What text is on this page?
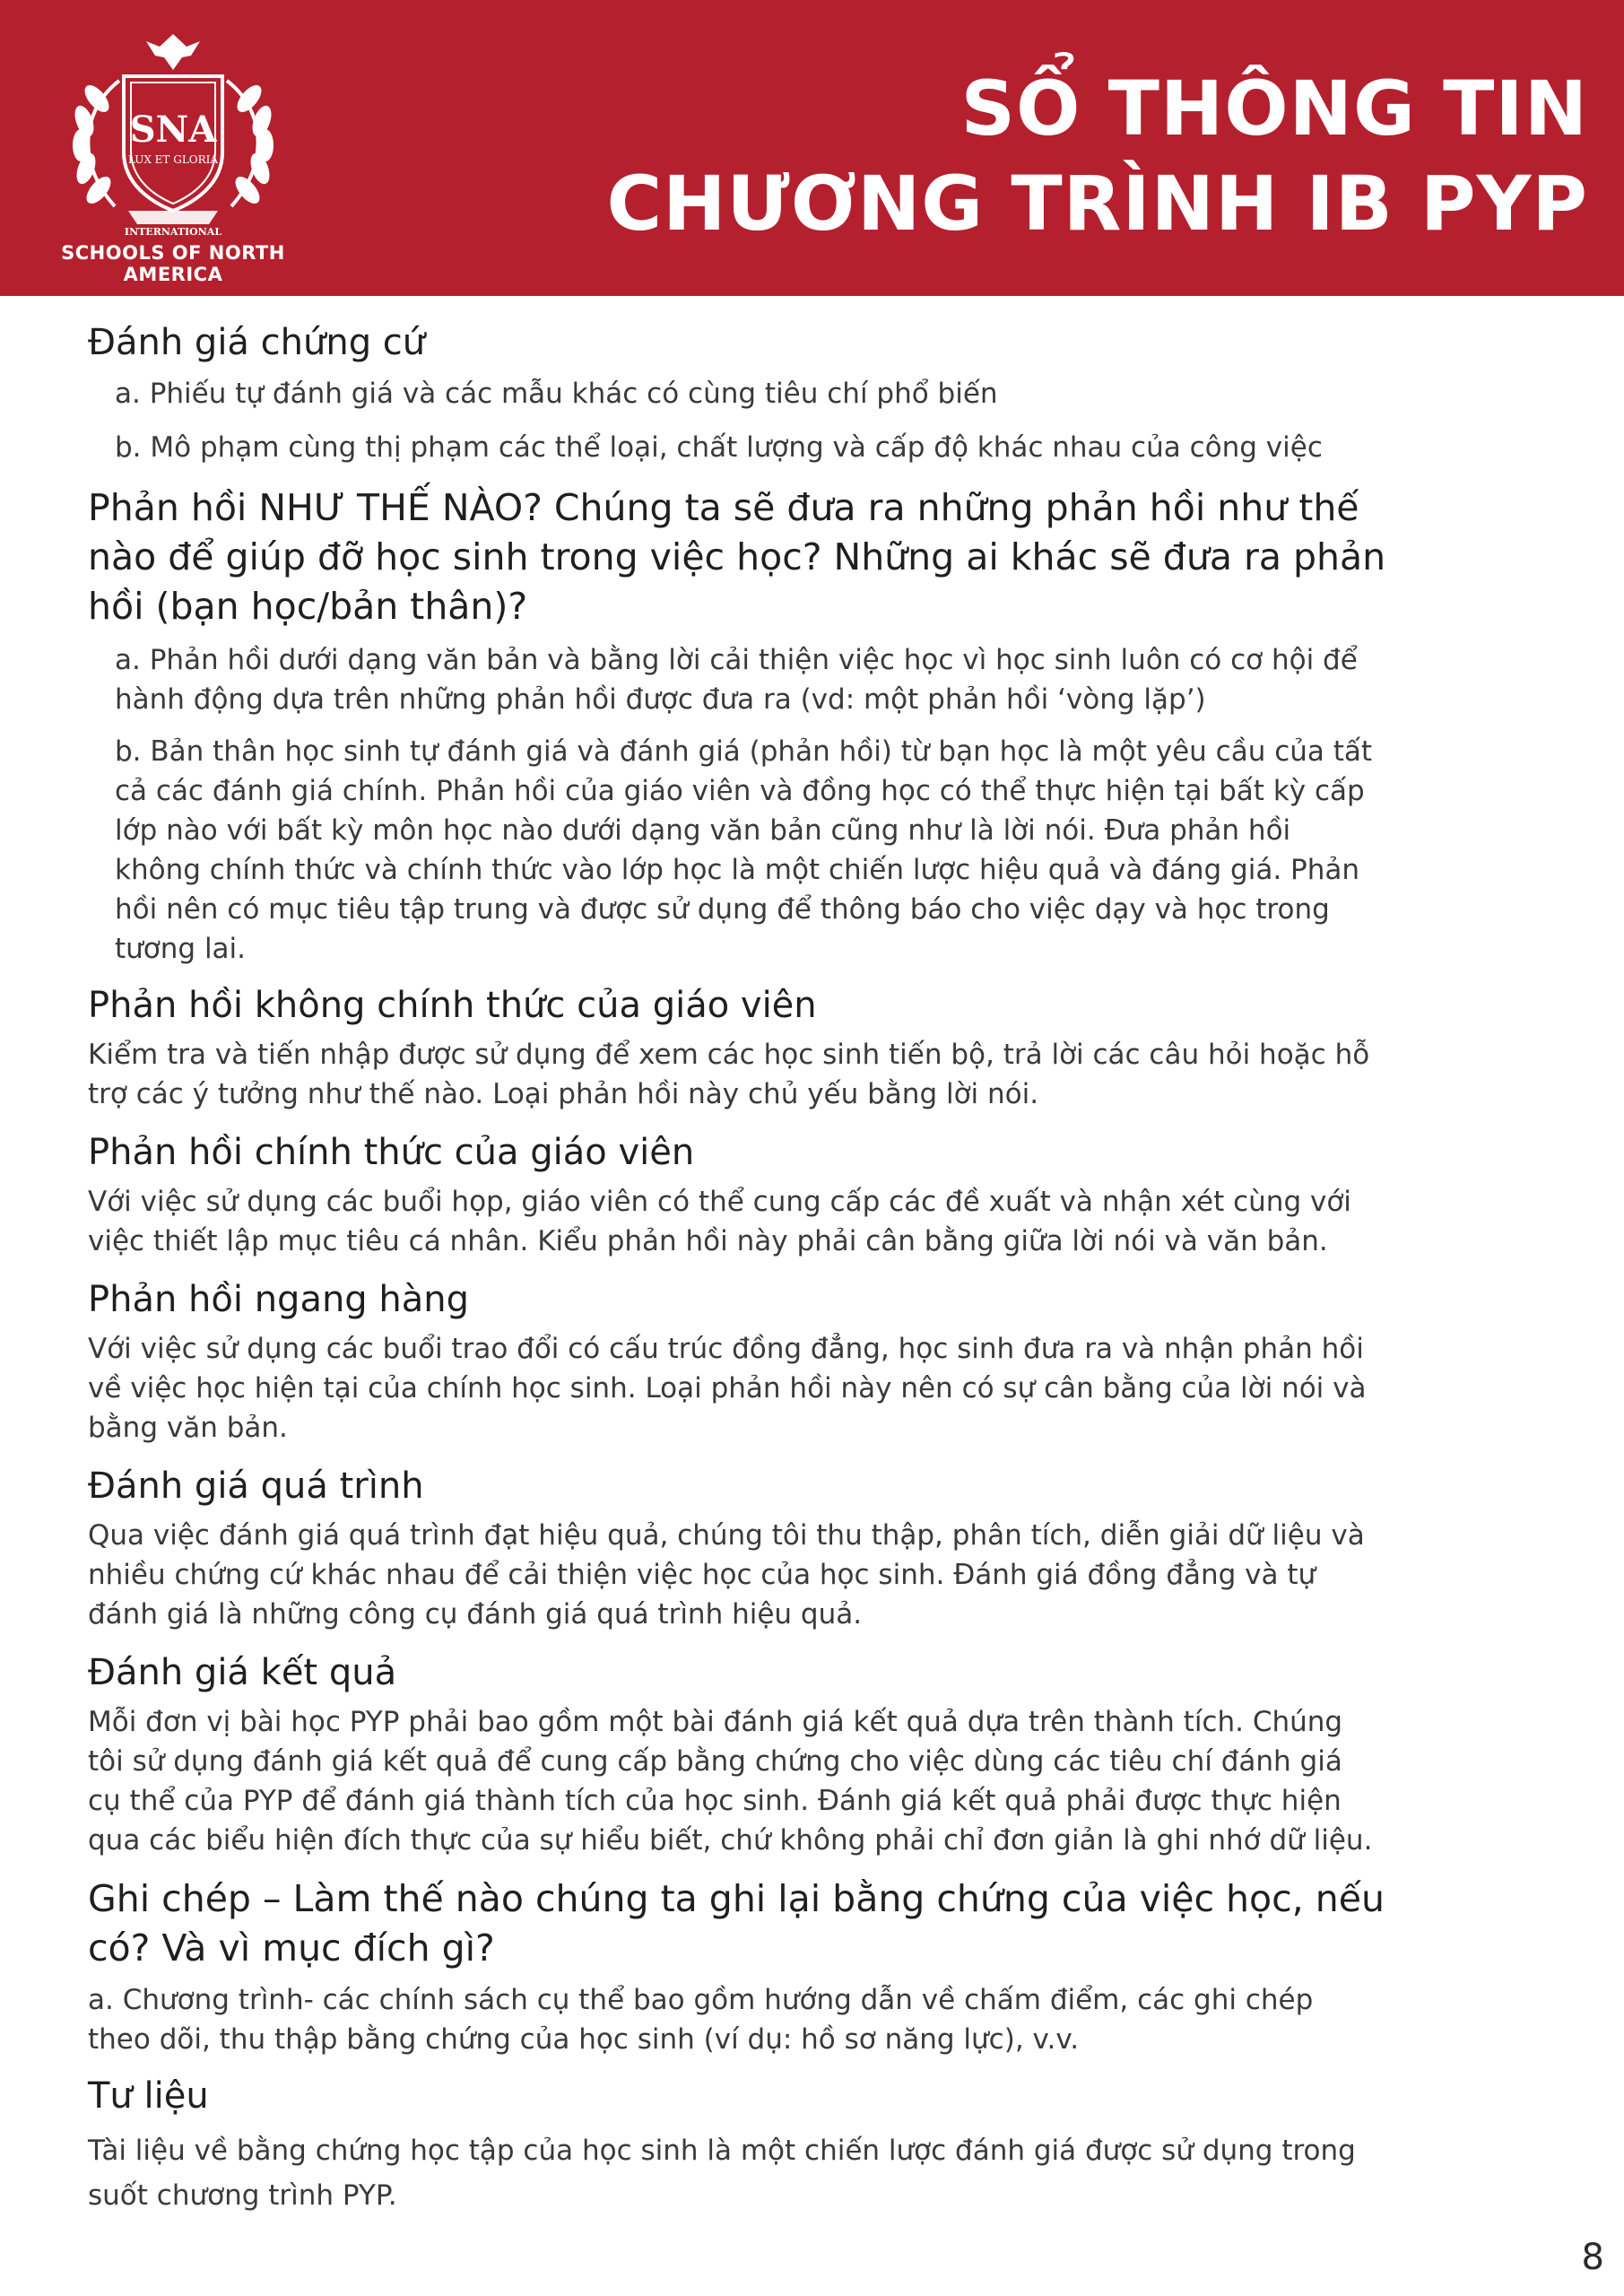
SNA
LUX ET GLORIA
INTERNATIONAL
SCHOOLS OF NORTH AMERICA
SỔ THÔNG TIN
CHƯƠNG TRÌNH IB PYP

Đánh giá chứng cứ

a. Phiếu tự đánh giá và các mẫu khác có cùng tiêu chí phổ biến

b. Mô phạm cùng thị phạm các thể loại, chất lượng và cấp độ khác nhau của công việc

Phản hồi NHƯ THẾ NÀO? Chúng ta sẽ đưa ra những phản hồi như thế

nào để giúp đỡ học sinh trong việc học? Những ai khác sẽ đưa ra phản

hồi (bạn học/bản thân)?

a. Phản hồi dưới dạng văn bản và bằng lời cải thiện việc học vì học sinh luôn có cơ hội để

hành động dựa trên những phản hồi được đưa ra (vd: một phản hồi ‘vòng lặp’)

b. Bản thân học sinh tự đánh giá và đánh giá (phản hồi) từ bạn học là một yêu cầu của tất

cả các đánh giá chính. Phản hồi của giáo viên và đồng học có thể thực hiện tại bất kỳ cấp

lớp nào với bất kỳ môn học nào dưới dạng văn bản cũng như là lời nói. Đưa phản hồi

không chính thức và chính thức vào lớp học là một chiến lược hiệu quả và đáng giá. Phản

hồi nên có mục tiêu tập trung và được sử dụng để thông báo cho việc dạy và học trong

tương lai.

Phản hồi không chính thức của giáo viên

Kiểm tra và tiến nhập được sử dụng để xem các học sinh tiến bộ, trả lời các câu hỏi hoặc hỗ

trợ các ý tưởng như thế nào. Loại phản hồi này chủ yếu bằng lời nói.

Phản hồi chính thức của giáo viên

Với việc sử dụng các buổi họp, giáo viên có thể cung cấp các đề xuất và nhận xét cùng với

việc thiết lập mục tiêu cá nhân. Kiểu phản hồi này phải cân bằng giữa lời nói và văn bản.

Phản hồi ngang hàng

Với việc sử dụng các buổi trao đổi có cấu trúc đồng đẳng, học sinh đưa ra và nhận phản hồi

về việc học hiện tại của chính học sinh. Loại phản hồi này nên có sự cân bằng của lời nói và

bằng văn bản.

Đánh giá quá trình

Qua việc đánh giá quá trình đạt hiệu quả, chúng tôi thu thập, phân tích, diễn giải dữ liệu và

nhiều chứng cứ khác nhau để cải thiện việc học của học sinh. Đánh giá đồng đẳng và tự

đánh giá là những công cụ đánh giá quá trình hiệu quả.

Đánh giá kết quả

Mỗi đơn vị bài học PYP phải bao gồm một bài đánh giá kết quả dựa trên thành tích. Chúng

tôi sử dụng đánh giá kết quả để cung cấp bằng chứng cho việc dùng các tiêu chí đánh giá

cụ thể của PYP để đánh giá thành tích của học sinh. Đánh giá kết quả phải được thực hiện

qua các biểu hiện đích thực của sự hiểu biết, chứ không phải chỉ đơn giản là ghi nhớ dữ liệu.

Ghi chép – Làm thế nào chúng ta ghi lại bằng chứng của việc học, nếu

có? Và vì mục đích gì?

a. Chương trình- các chính sách cụ thể bao gồm hướng dẫn về chấm điểm, các ghi chép

theo dõi, thu thập bằng chứng của học sinh (ví dụ: hồ sơ năng lực), v.v.

Tư liệu

Tài liệu về bằng chứng học tập của học sinh là một chiến lược đánh giá được sử dụng trong

suốt chương trình PYP.

8
